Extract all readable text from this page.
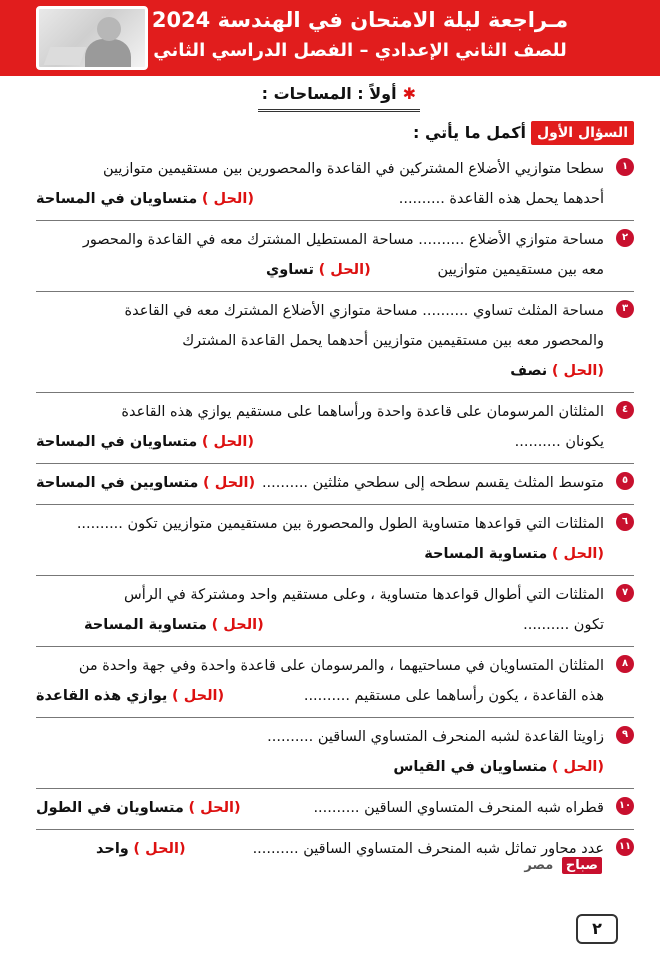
مـراجعة ليلة الامتحان في الهندسة 2024
للصف الثاني الإعدادي – الفصل الدراسي الثاني
✱أولاً : المساحات :
السؤال الأول
أكمل ما يأتي :
١
سطحا متوازيي الأضلاع المشتركين في القاعدة والمحصورين بين مستقيمين متوازيين
أحدهما يحمل هذه القاعدة ..........
(الحل ) متساويان في المساحة
٢
مساحة متوازي الأضلاع .......... مساحة المستطيل المشترك معه في القاعدة والمحصور
معه بين مستقيمين متوازيين
(الحل ) تساوي
٣
مساحة المثلث تساوي .......... مساحة متوازي الأضلاع المشترك معه في القاعدة
والمحصور معه بين مستقيمين متوازيين أحدهما يحمل القاعدة المشترك
(الحل ) نصف
٤
المثلثان المرسومان على قاعدة واحدة ورأساهما على مستقيم يوازي هذه القاعدة
يكونان ..........
(الحل ) متساويان في المساحة
٥
متوسط المثلث يقسم سطحه إلى سطحي مثلثين ..........
(الحل ) متساويين في المساحة
٦
المثلثات التي قواعدها متساوية الطول والمحصورة بين مستقيمين متوازيين تكون ..........
(الحل ) متساوية المساحة
٧
المثلثات التي أطوال قواعدها متساوية ، وعلى مستقيم واحد ومشتركة في الرأس
تكون ..........
(الحل ) متساوية المساحة
٨
المثلثان المتساويان في مساحتيهما ، والمرسومان على قاعدة واحدة وفي جهة واحدة من
هذه القاعدة ، يكون رأساهما على مستقيم ..........
(الحل ) يوازي هذه القاعدة
٩
زاويتا القاعدة لشبه المنحرف المتساوي الساقين ..........
(الحل ) متساويان في القياس
١٠
قطراه شبه المنحرف المتساوي الساقين ..........
(الحل ) متساويان في الطول
١١
عدد محاور تماثل شبه المنحرف المتساوي الساقين ..........
(الحل ) واحد
صباح مصر
٢
